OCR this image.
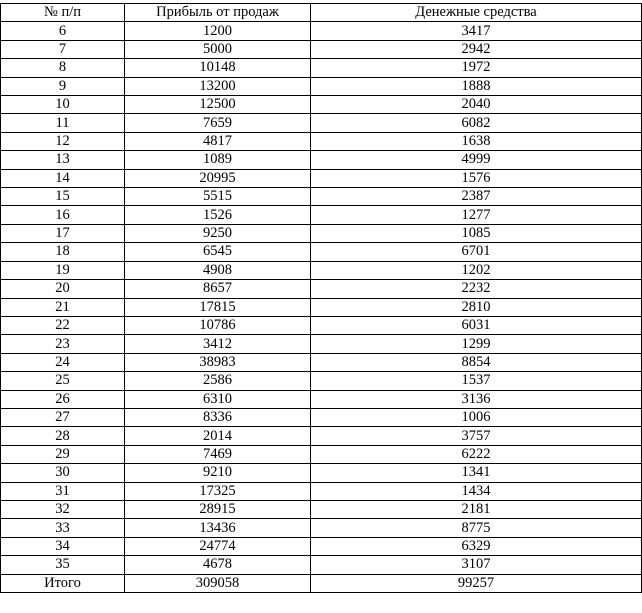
№ п/п	Прибыль от продаж	Денежные средства
6	1200	3417
7	5000	2942
8	10148	1972
9	13200	1888
10	12500	2040
11	7659	6082
12	4817	1638
13	1089	4999
14	20995	1576
15	5515	2387
16	1526	1277
17	9250	1085
18	6545	6701
19	4908	1202
20	8657	2232
21	17815	2810
22	10786	6031
23	3412	1299
24	38983	8854
25	2586	1537
26	6310	3136
27	8336	1006
28	2014	3757
29	7469	6222
30	9210	1341
31	17325	1434
32	28915	2181
33	13436	8775
34	24774	6329
35	4678	3107
Итого	309058	99257
